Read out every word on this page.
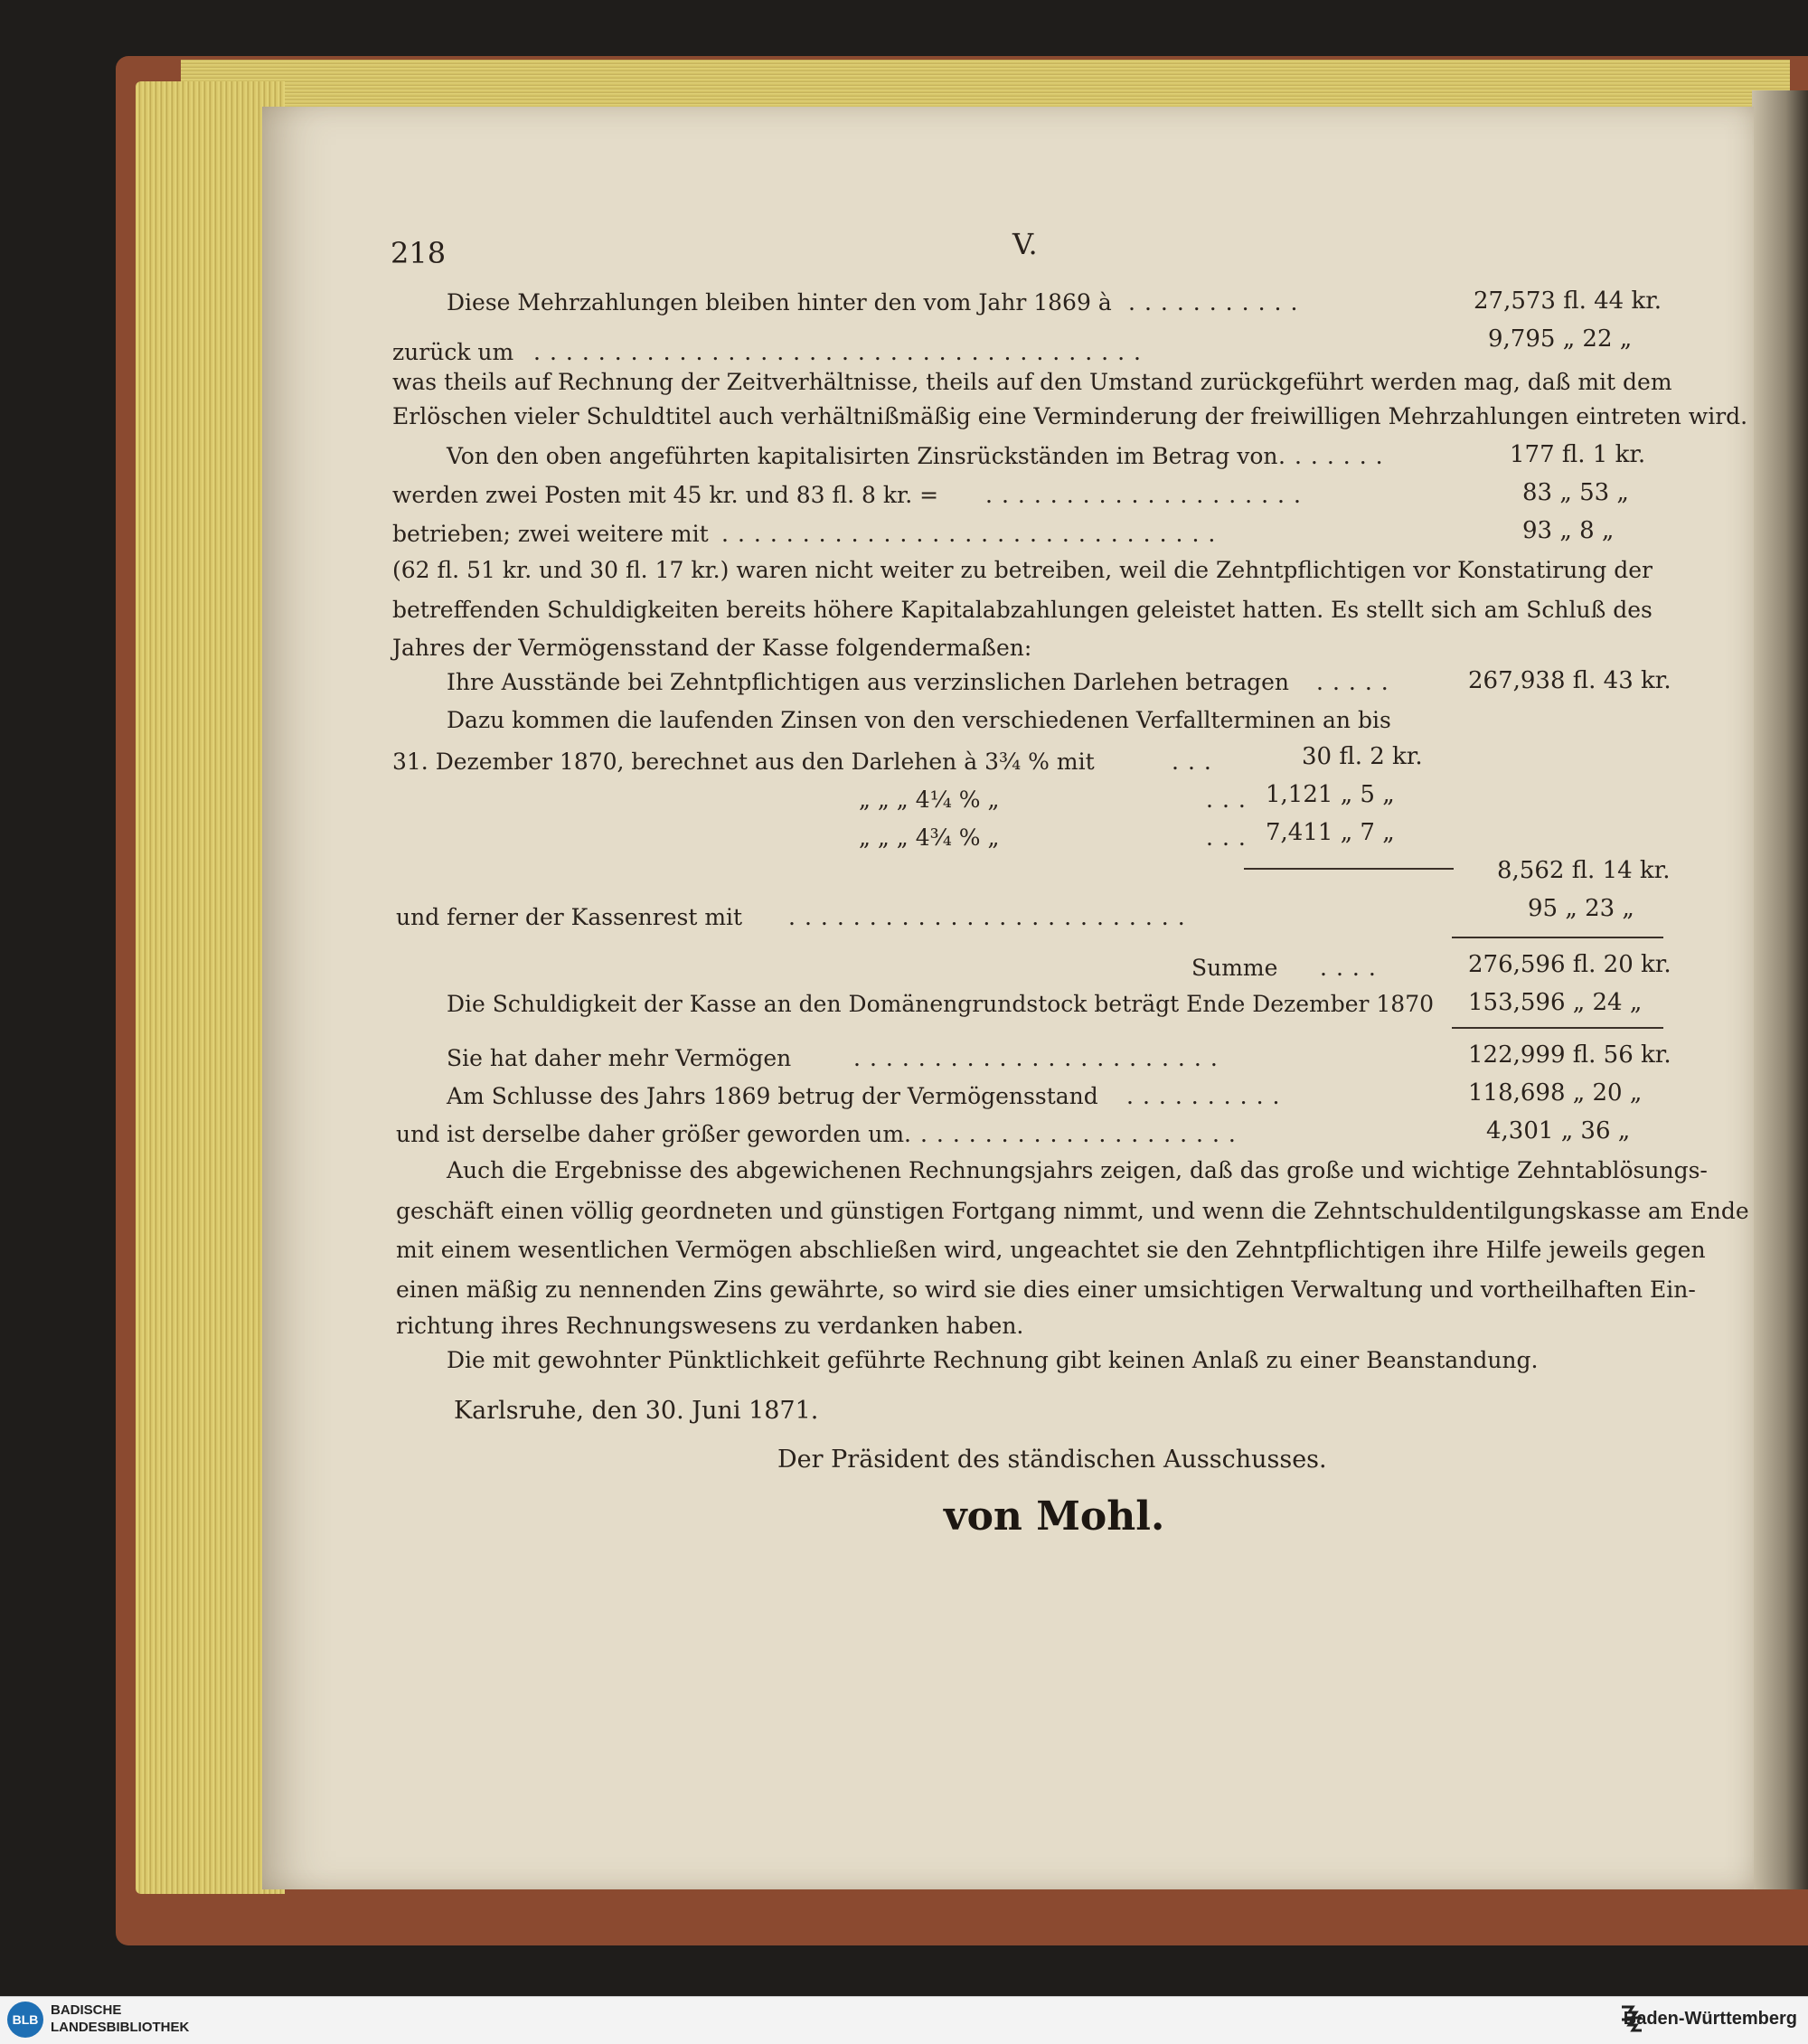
218	V.
Diese Mehrzahlungen bleiben hinter den vom Jahr 1869 à ...........	27,573 fl. 44 kr.
zurück um ......................................	9,795 „ 22 „
was theils auf Rechnung der Zeitverhältnisse, theils auf den Umstand zurückgeführt werden mag, daß mit dem
Erlöschen vieler Schuldtitel auch verhältnißmäßig eine Verminderung der freiwilligen Mehrzahlungen eintreten wird.
Von den oben angeführten kapitalisirten Zinsrückständen im Betrag von .......	177 fl. 1 kr.
werden zwei Posten mit 45 kr. und 83 fl. 8 kr. = ....................	83 „ 53 „
betrieben; zwei weitere mit ...............................	93 „ 8 „
(62 fl. 51 kr. und 30 fl. 17 kr.) waren nicht weiter zu betreiben, weil die Zehntpflichtigen vor Konstatirung der
betreffenden Schuldigkeiten bereits höhere Kapitalabzahlungen geleistet hatten. Es stellt sich am Schluß des
Jahres der Vermögensstand der Kasse folgendermaßen:
Ihre Ausstände bei Zehntpflichtigen aus verzinslichen Darlehen betragen .....	267,938 fl. 43 kr.
Dazu kommen die laufenden Zinsen von den verschiedenen Verfallterminen an bis
31. Dezember 1870, berechnet aus den Darlehen à 3¾ % mit	...	30 fl. 2 kr.
„ „ „ 4¼ % „	... 1,121 „ 5 „
„ „ „ 4¾ % „	... 7,411 „ 7 „
8,562 fl. 14 kr.
und ferner der Kassenrest mit .........................	95 „ 23 „
Summe ....	276,596 fl. 20 kr.
Die Schuldigkeit der Kasse an den Domänengrundstock beträgt Ende Dezember 1870 153,596 „ 24 „
Sie hat daher mehr Vermögen	.......................	122,999 fl. 56 kr.
Am Schlusse des Jahrs 1869 betrug der Vermögensstand ..........	118,698 „ 20 „
und ist derselbe daher größer geworden um .....................	4,301 „ 36 „
Auch die Ergebnisse des abgewichenen Rechnungsjahrs zeigen, daß das große und wichtige Zehntablösungs-
geschäft einen völlig geordneten und günstigen Fortgang nimmt, und wenn die Zehntschuldentilgungskasse am Ende
mit einem wesentlichen Vermögen abschließen wird, ungeachtet sie den Zehntpflichtigen ihre Hilfe jeweils gegen
einen mäßig zu nennenden Zins gewährte, so wird sie dies einer umsichtigen Verwaltung und vortheilhaften Ein-
richtung ihres Rechnungswesens zu verdanken haben.
Die mit gewohnter Pünktlichkeit geführte Rechnung gibt keinen Anlaß zu einer Beanstandung.
Karlsruhe, den 30. Juni 1871.
Der Präsident des ständischen Ausschusses.
von Mohl.
BLB
BADISCHE
LANDESBIBLIOTHEK	Baden-Württemberg
